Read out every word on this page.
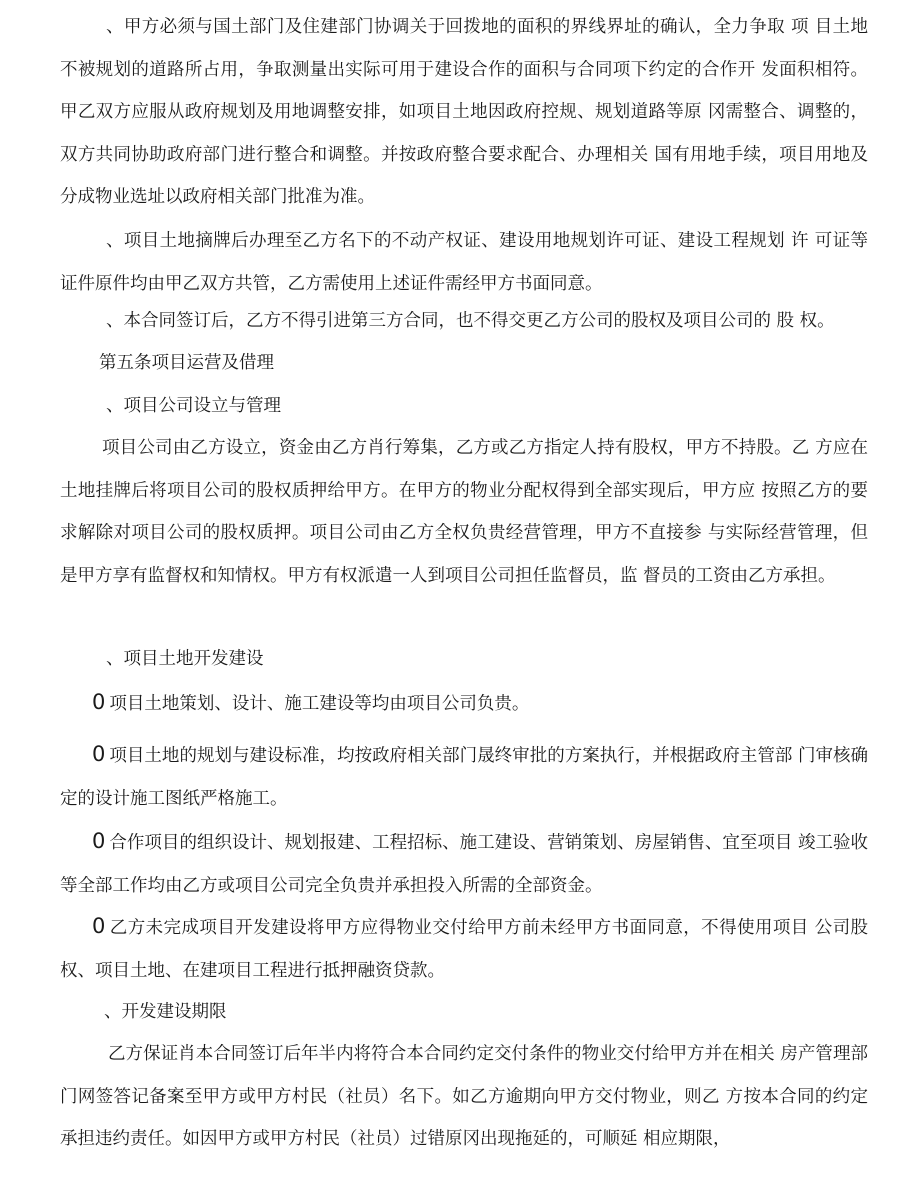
、甲方必须与国土部门及住建部门协调关于回拨地的面积的界线界址的确认，全力争取 项 目土地不被规划的道路所占用，争取测量出实际可用于建设合作的面积与合同项下约定的合作开 发面积相符。甲乙双方应服从政府规划及用地调整安排，如项目土地因政府控规、规划道路等原 冈需整合、调整的，双方共同协助政府部门进行整合和调整。并按政府整合要求配合、办理相关 国有用地手续，项目用地及分成物业选址以政府相关部门批准为准。

、项目土地摘牌后办理至乙方名下的不动产权证、建设用地规划许可证、建设工程规划 许 可证等证件原件均由甲乙双方共管，乙方需使用上述证件需经甲方书面同意。

、本合同签订后，乙方不得引进第三方合同，也不得交更乙方公司的股权及项目公司的 股 权。

第五条项目运营及借理

、项目公司设立与管理

项目公司由乙方设立，资金由乙方肖行筹集，乙方或乙方指定人持有股权，甲方不持股。乙 方应在土地挂牌后将项目公司的股权质押给甲方。在甲方的物业分配权得到全部实现后，甲方应 按照乙方的要求解除对项目公司的股权质押。项目公司由乙方全权负贵经营管理，甲方不直接参 与实际经营管理，但是甲方享有监督权和知情权。甲方有权派遣一人到项目公司担任监督员，监 督员的工资由乙方承担。

、项目土地开发建设

0 项目土地策划、设计、施工建设等均由项目公司负贵。

0 项目土地的规划与建设标准，均按政府相关部门晟终审批的方案执行，并根据政府主管部 门审核确定的设计施工图纸严格施工。

0 合作项目的组织设计、规划报建、工程招标、施工建设、营销策划、房屋销售、宜至项目 竣工验收等全部工作均由乙方或项目公司完全负贵并承担投入所需的全部资金。

0 乙方未完成项目开发建设将甲方应得物业交付给甲方前未经甲方书面同意，不得使用项目 公司股权、项目土地、在建项目工程进行抵押融资贷款。

、开发建设期限

乙方保证肖本合同签订后年半内将符合本合同约定交付条件的物业交付给甲方并在相关 房产管理部门网签答记备案至甲方或甲方村民（社员）名下。如乙方逾期向甲方交付物业，则乙 方按本合同的约定承担违约责任。如因甲方或甲方村民（社员）过错原冈出现拖延的，可顺延 相应期限，
